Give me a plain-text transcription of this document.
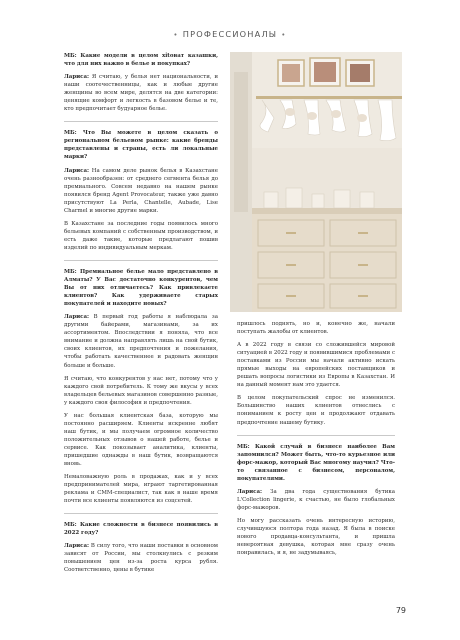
• ПРОФЕССИОНАЛЫ •

МБ: Какие модели в целом хitoват казашки, что для них важно в белье и покупках?

Лариса: Я считаю, у белья нет национальности, и наши соотечественницы, как и любые другие женщины во всем мире, делятся на две категории: ценящие комфорт и легкость в базовом белье и те, кто предпочитает будуарное белье.

МБ: Что Вы можете в целом сказать о региональном бельевом рынке: какие бренды представлены и страны, есть ли локальные марки?

Лариса: На самом деле рынок белья в Казахстане очень разнообразен: от среднего сегмента белья до премиального. Совсем недавно на нашем рынке появился бренд Agent Provocateur, также уже давно присутствуют La Perla, Chantelle, Aubade, Lise Charmel и многие другие марки.

В Казахстане за последние годы появилось много бельевых компаний с собственным производством, и есть даже такие, которые предлагают пошив изделий по индивидуальным меркам.

МБ: Премиальное белье мало представлено в Алматы? У Вас достаточно конкурентов, чем Вы от них отличаетесь? Как привлекаете клиентов? Как удерживаете старых покупателей и находите новых?

Лариса: В первый год работы я наблюдала за другими байерами, магазинами, за их ассортиментом. Впоследствии я поняла, что все внимание и должна направлять лишь на свой бутик, своих клиентов, их предпочтения и пожелания, чтобы работать качественнее и радовать женщин больше и больше.

Я считаю, что конкурентов у нас нет, потому что у каждого свой потребитель. К тому же вкусы у всех владельцев бельевых магазинов совершенно разные, у каждого своя философия и предпочтения.

У нас большая клиентская база, которую мы постоянно расширяем. Клиенты искренне любят наш бутик, и мы получаем огромное количество положительных отзывов о нашей работе, белье и сервисе. Как покозывает аналитика, клиенты, пришедшие однажды в наш бутик, возвращаются вновь.

Немаловажную роль в продажах, как и у всех предпринимателей мира, играют таргетированная реклама и СММ-специалист, так как в наше время почти все клиенты появляются из соцсетей.

МБ: Какие сложности в бизнесе появились в 2022 году?

Лариса: В силу того, что наши поставки в основном зависят от России, мы столкнулись с резким повышением цен из-за роста курса рубля. Соответственно, цены в бутике

пришлось поднять, но и, конечно же, начали поступать жалобы от клиентов.

А в 2022 году в связи со сложившейся мировой ситуацией в 2022 году и появившимися проблемами с поставками из России мы начали активно искать прямые выходы на европейских поставщиков и решать вопросы логистики из Европы в Казахстан. И на данный момент нам это удается.

В целом покупательский спрос не изменился. Большинство наших клиентов отнеслись с пониманием к росту цен и продолжают отдавать предпочтение нашему бутику.

МБ: Какой случай в бизнесе наиболее Вам запомнился? Может быть, что-то курьезное или форс-мажор, который Вас многому научил? Что-то связанное с бизнесом, персоналом, покупателями.

Лариса: За два года существования бутика L'Collection lingerie, к счастью, не было глобальных форс-мажоров.

Но могу рассказать очень интересную историю, случившуюся полтора года назад. Я была в поиске нового продавца-консультанта, и пришла невероятная девушка, которая мне сразу очень понравилась, и я, не задумываясь,

79
